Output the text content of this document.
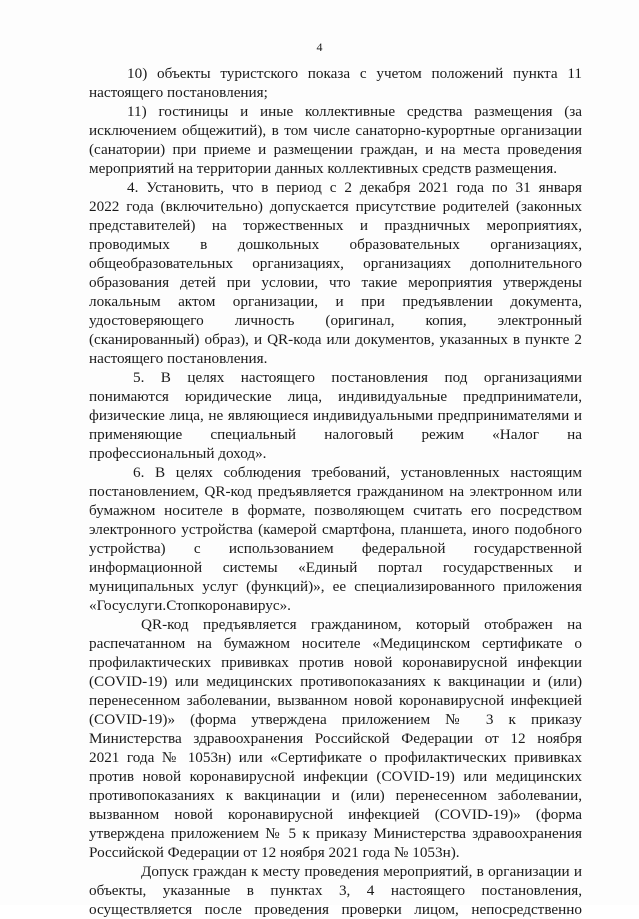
4
10) объекты туристского показа с учетом положений пункта 11
настоящего постановления;
11) гостиницы и иные коллективные средства размещения (за
исключением общежитий), в том числе санаторно-курортные организации
(санатории) при приеме и размещении граждан, и на места проведения
мероприятий на территории данных коллективных средств размещения.
4. Установить, что в период с 2 декабря 2021 года по 31 января
2022 года (включительно) допускается присутствие родителей (законных
представителей) на торжественных и праздничных мероприятиях,
проводимых в дошкольных образовательных организациях,
общеобразовательных организациях, организациях дополнительного
образования детей при условии, что такие мероприятия утверждены
локальным актом организации, и при предъявлении документа,
удостоверяющего личность (оригинал, копия, электронный
(сканированный) образ), и QR-кода или документов, указанных в пункте 2
настоящего постановления.
5. В целях настоящего постановления под организациями
понимаются юридические лица, индивидуальные предприниматели,
физические лица, не являющиеся индивидуальными предпринимателями и
применяющие специальный налоговый режим «Налог на
профессиональный доход».
6. В целях соблюдения требований, установленных настоящим
постановлением, QR-код предъявляется гражданином на электронном или
бумажном носителе в формате, позволяющем считать его посредством
электронного устройства (камерой смартфона, планшета, иного подобного
устройства) с использованием федеральной государственной
информационной системы «Единый портал государственных и
муниципальных услуг (функций)», ее специализированного приложения
«Госуслуги.Стопкоронавирус».
QR-код предъявляется гражданином, который отображен на
распечатанном на бумажном носителе «Медицинском сертификате о
профилактических прививках против новой коронавирусной инфекции
(COVID-19) или медицинских противопоказаниях к вакцинации и (или)
перенесенном заболевании, вызванном новой коронавирусной инфекцией
(COVID-19)» (форма утверждена приложением № 3 к приказу
Министерства здравоохранения Российской Федерации от 12 ноября
2021 года № 1053н) или «Сертификате о профилактических прививках
против новой коронавирусной инфекции (COVID-19) или медицинских
противопоказаниях к вакцинации и (или) перенесенном заболевании,
вызванном новой коронавирусной инфекцией (COVID-19)» (форма
утверждена приложением № 5 к приказу Министерства здравоохранения
Российской Федерации от 12 ноября 2021 года № 1053н).
Допуск граждан к месту проведения мероприятий, в организации и
объекты, указанные в пунктах 3, 4 настоящего постановления,
осуществляется после проведения проверки лицом, непосредственно
